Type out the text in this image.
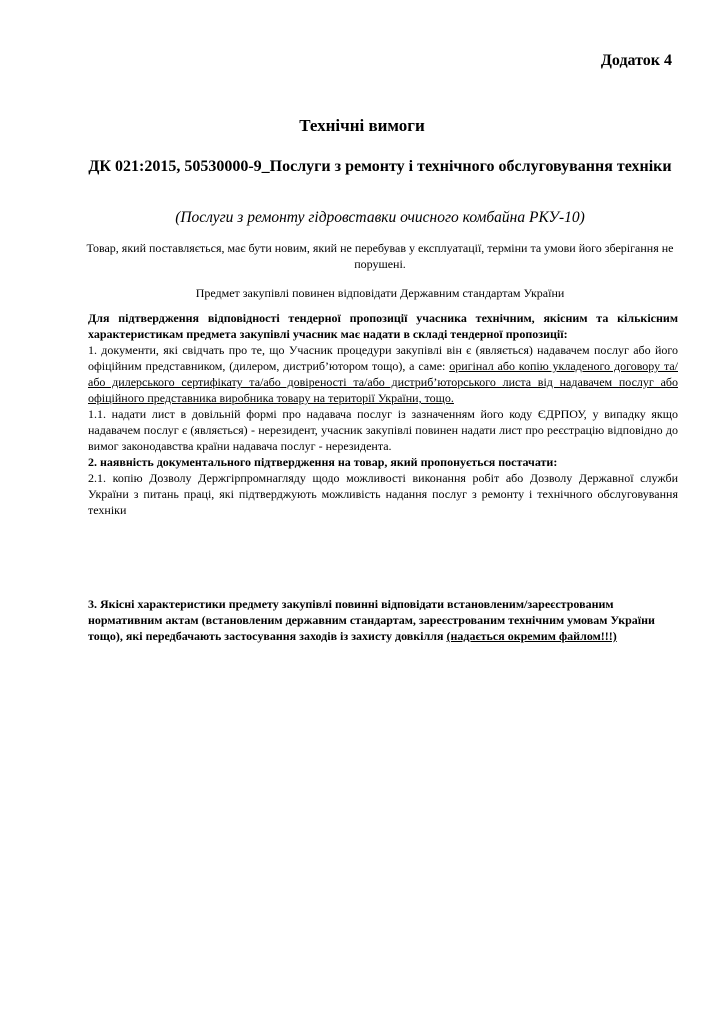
Додаток 4
Технічні вимоги
ДК 021:2015, 50530000-9_Послуги з ремонту і технічного обслуговування техніки
(Послуги з ремонту гідровставки очисного комбайна РКУ-10)
Товар, який поставляється, має бути новим, який не перебував у експлуатації, терміни та умови його зберігання не порушені.
Предмет закупівлі повинен відповідати Державним стандартам України

Для підтвердження відповідності тендерної пропозиції учасника технічним, якісним та кількісним характеристикам предмета закупівлі учасник має надати в складі тендерної пропозиції:

1. документи, які свідчать про те, що Учасник процедури закупівлі він є (являється) надавачем послуг або його офіційним представником, (дилером, дистриб’ютором тощо), а саме: оригінал або копію укладеного договору та/або дилерського сертифікату та/або довіреності та/або дистриб’юторського листа від надавачем послуг або офіційного представника виробника товару на території України, тощо.

1.1. надати лист в довільній формі про надавача послуг із зазначенням його коду ЄДРПОУ, у випадку якщо надавачем послуг є (являється) - нерезидент, учасник закупівлі повинен надати лист про реєстрацію відповідно до вимог законодавства країни надавача послуг - нерезидента.

2. наявність документального підтвердження на товар, який пропонується постачати:

2.1. копію Дозволу Держгірпромнагляду щодо можливості виконання робіт або Дозволу Державної служби України з питань праці, які підтверджують можливість надання послуг з ремонту і технічного обслуговування техніки

3. Якісні характеристики предмету закупівлі повинні відповідати встановленим/зареєстрованим нормативним актам (встановленим державним стандартам, зареєстрованим технічним умовам України тощо), які передбачають застосування заходів із захисту довкілля (надається окремим файлом!!!)
